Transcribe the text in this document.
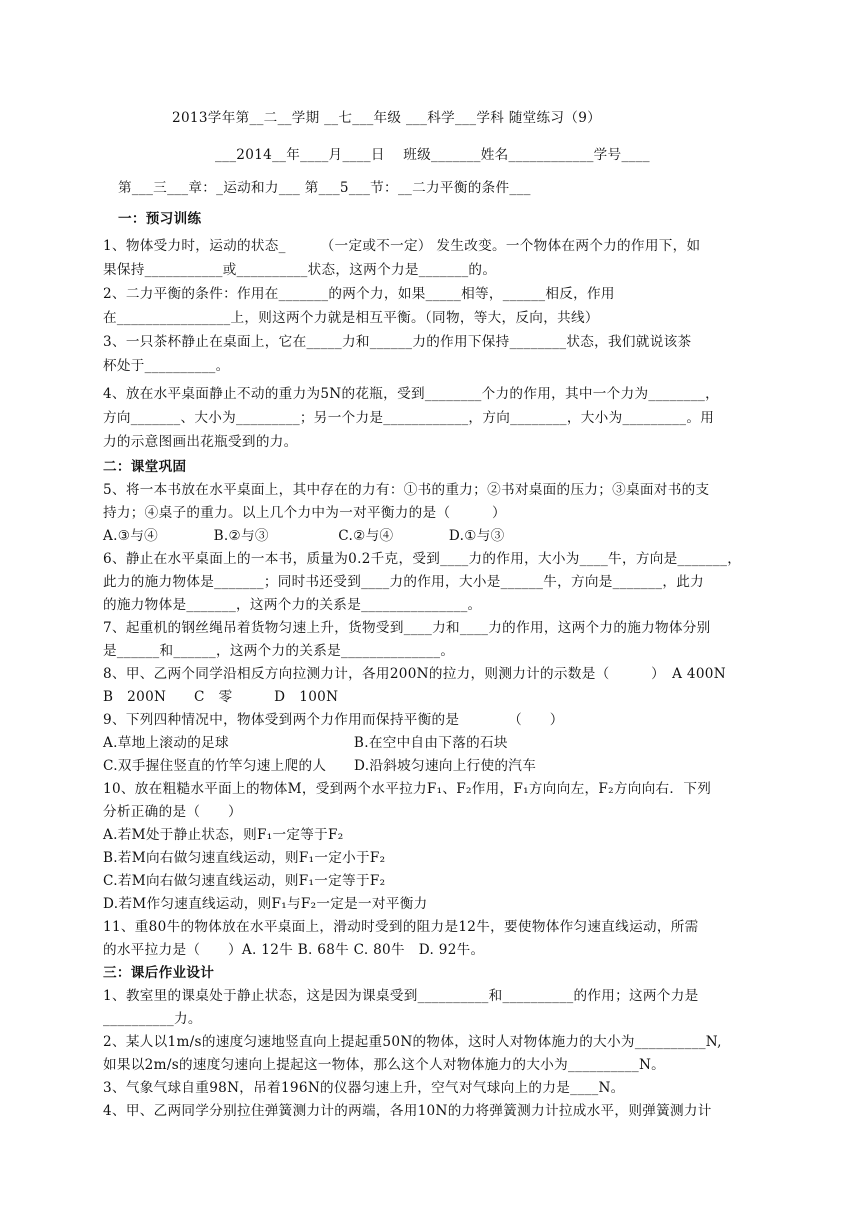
2013学年第__二__学期 __七___年级 ___科学___学科 随堂练习（9）
___2014__年____月____日　 班级_______姓名____________学号____
第___三___章：_运动和力___ 第___5___节：__二力平衡的条件___
一：预习训练
1、物体受力时，运动的状态_　　　（一定或不一定） 发生改变。一个物体在两个力的作用下，如
果保持___________或__________状态，这两个力是_______的。
2、二力平衡的条件：作用在_______的两个力，如果_____相等，______相反，作用
在________________上，则这两个力就是相互平衡。（同物，等大，反向，共线）
3、一只茶杯静止在桌面上，它在_____力和______力的作用下保持________状态，我们就说该茶
杯处于__________。
4、放在水平桌面静止不动的重力为5N的花瓶，受到________个力的作用，其中一个力为________，
方向_______、大小为_________；另一个力是____________，方向________，大小为_________。用
力的示意图画出花瓶受到的力。
二：课堂巩固
5、将一本书放在水平桌面上，其中存在的力有：①书的重力；②书对桌面的压力；③桌面对书的支
持力；④桌子的重力。以上几个力中为一对平衡力的是（　　　）
A.③与④　　　　B.②与③　　　　　C.②与④　　　　D.①与③
6、静止在水平桌面上的一本书，质量为0.2千克，受到____力的作用，大小为____牛，方向是_______，
此力的施力物体是_______；同时书还受到____力的作用，大小是______牛，方向是_______，此力
的施力物体是_______，这两个力的关系是_______________。
7、起重机的钢丝绳吊着货物匀速上升，货物受到____力和____力的作用，这两个力的施力物体分别
是______和______，这两个力的关系是______________。
8、甲、乙两个同学沿相反方向拉测力计，各用200N的拉力，则测力计的示数是（　　　）　A 400N
B　200N　　C　零　　　D　100N
9、下列四种情况中，物体受到两个力作用而保持平衡的是　　　　（　　）
A.草地上滚动的足球　　　　　　　　　B.在空中自由下落的石块
C.双手握住竖直的竹竿匀速上爬的人　　D.沿斜坡匀速向上行使的汽车
10、放在粗糙水平面上的物体M，受到两个水平拉力F₁、F₂作用，F₁方向向左，F₂方向向右．下列
分析正确的是（　　）
A.若M处于静止状态，则F₁一定等于F₂
B.若M向右做匀速直线运动，则F₁一定小于F₂
C.若M向右做匀速直线运动，则F₁一定等于F₂
D.若M作匀速直线运动，则F₁与F₂一定是一对平衡力
11、重80牛的物体放在水平桌面上，滑动时受到的阻力是12牛，要使物体作匀速直线运动，所需
的水平拉力是（　　）A. 12牛 B. 68牛 C. 80牛　D. 92牛。
三：课后作业设计
1、教室里的课桌处于静止状态，这是因为课桌受到__________和__________的作用；这两个力是
__________力。
2、某人以1m/s的速度匀速地竖直向上提起重50N的物体，这时人对物体施力的大小为__________N,
如果以2m/s的速度匀速向上提起这一物体，那么这个人对物体施力的大小为__________N。
3、气象气球自重98N，吊着196N的仪器匀速上升，空气对气球向上的力是____N。
4、甲、乙两同学分别拉住弹簧测力计的两端，各用10N的力将弹簧测力计拉成水平，则弹簧测力计
